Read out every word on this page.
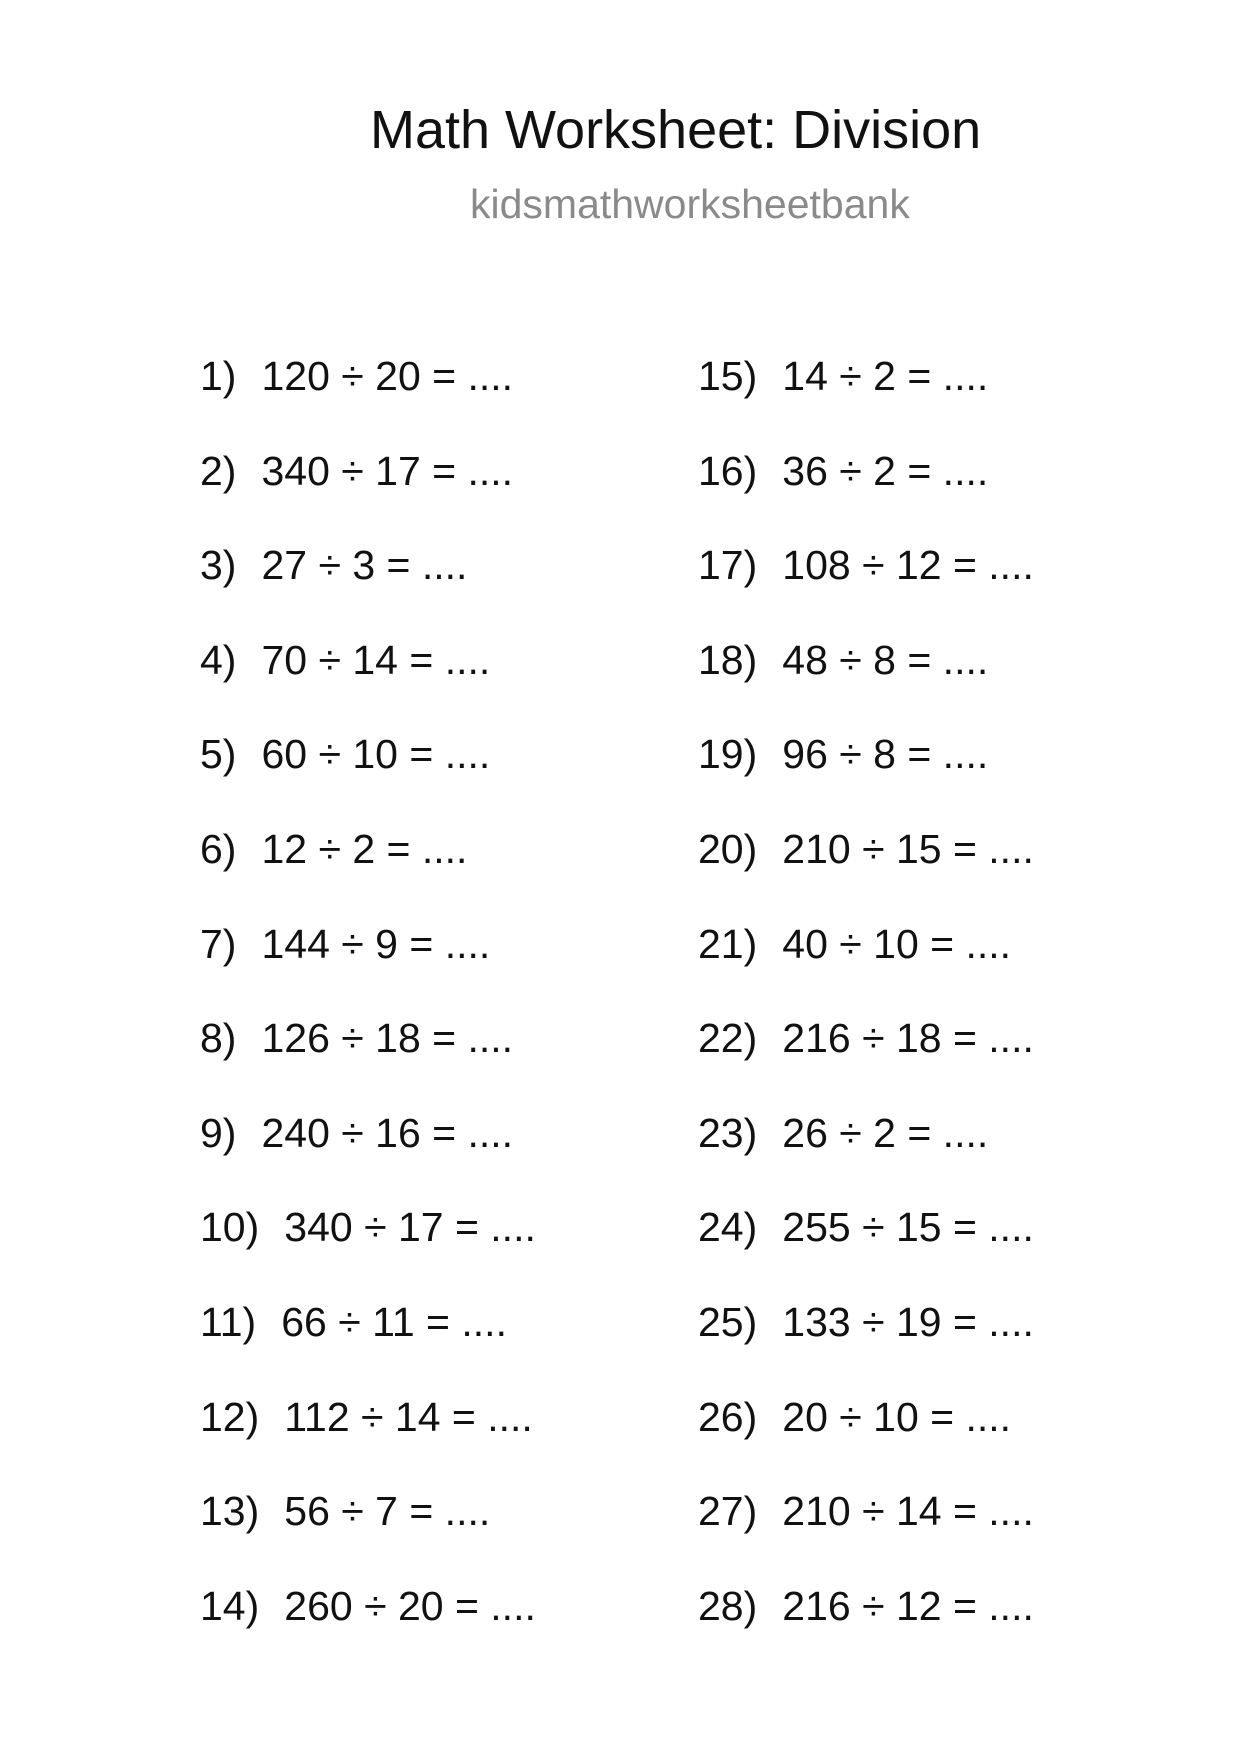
Math Worksheet: Division
kidsmathworksheetbank
1) 120 ÷ 20 = ....
2) 340 ÷ 17 = ....
3) 27 ÷ 3 = ....
4) 70 ÷ 14 = ....
5) 60 ÷ 10 = ....
6) 12 ÷ 2 = ....
7) 144 ÷ 9 = ....
8) 126 ÷ 18 = ....
9) 240 ÷ 16 = ....
10) 340 ÷ 17 = ....
11) 66 ÷ 11 = ....
12) 112 ÷ 14 = ....
13) 56 ÷ 7 = ....
14) 260 ÷ 20 = ....
15) 14 ÷ 2 = ....
16) 36 ÷ 2 = ....
17) 108 ÷ 12 = ....
18) 48 ÷ 8 = ....
19) 96 ÷ 8 = ....
20) 210 ÷ 15 = ....
21) 40 ÷ 10 = ....
22) 216 ÷ 18 = ....
23) 26 ÷ 2 = ....
24) 255 ÷ 15 = ....
25) 133 ÷ 19 = ....
26) 20 ÷ 10 = ....
27) 210 ÷ 14 = ....
28) 216 ÷ 12 = ....
